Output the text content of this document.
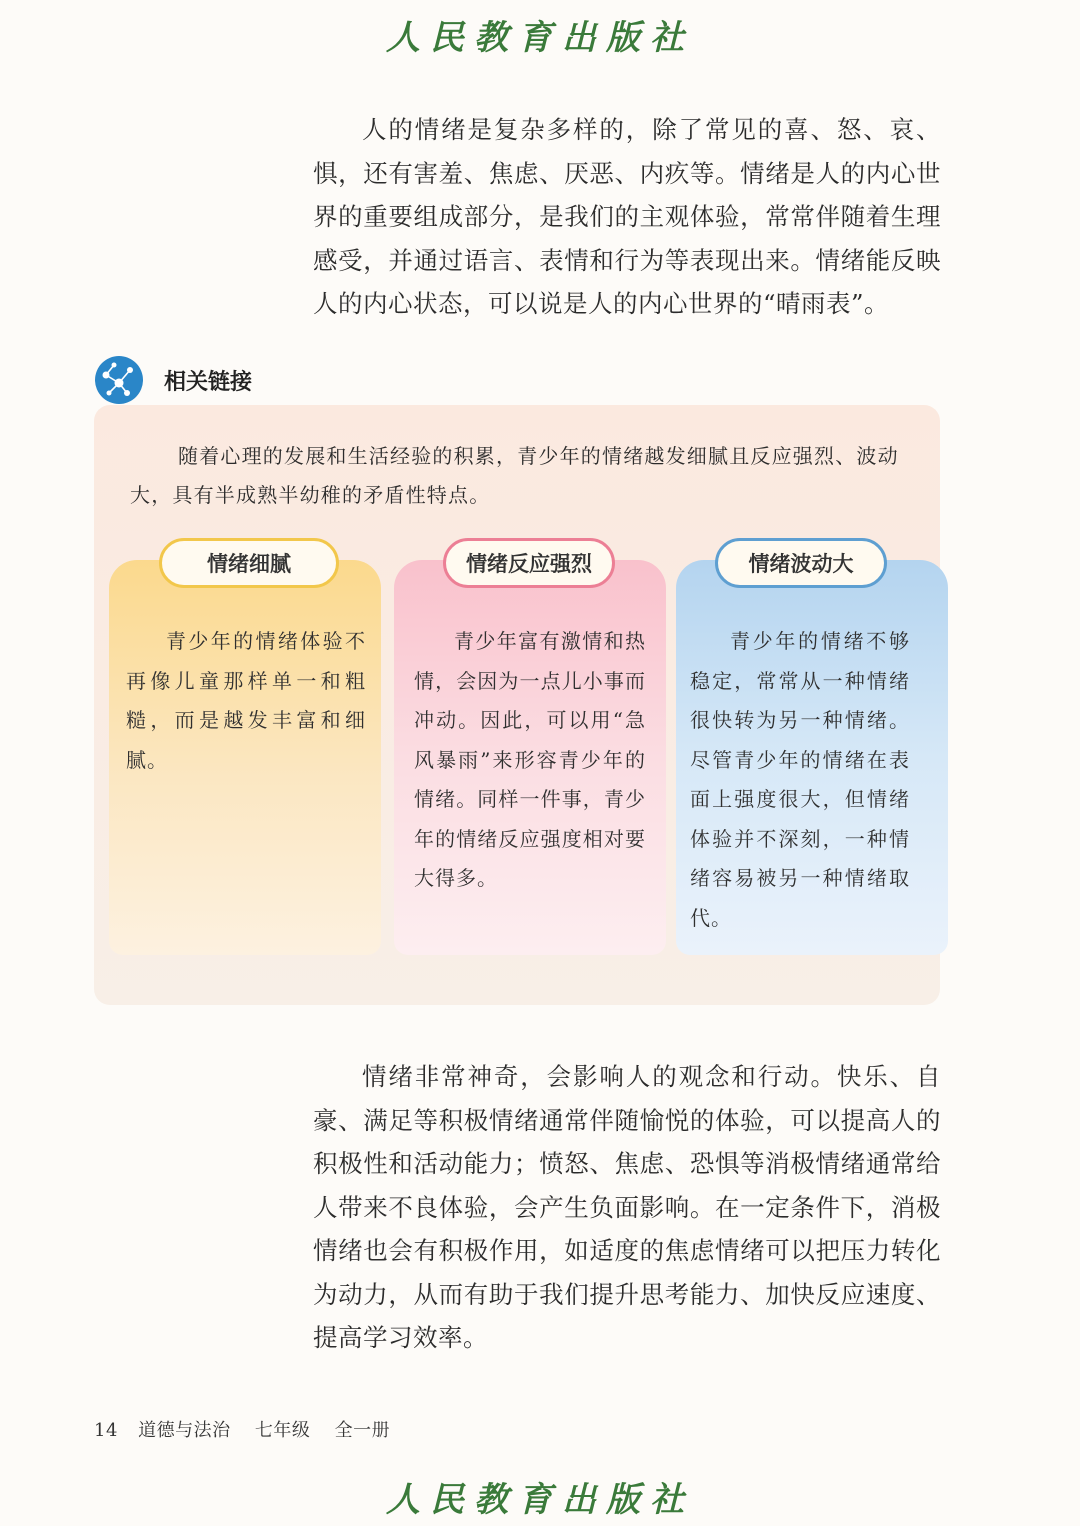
人民教育出版社

人的情绪是复杂多样的，除了常见的喜、怒、哀、惧，还有害羞、焦虑、厌恶、内疚等。情绪是人的内心世界的重要组成部分，是我们的主观体验，常常伴随着生理感受，并通过语言、表情和行为等表现出来。情绪能反映人的内心状态，可以说是人的内心世界的“晴雨表”。

相关链接

随着心理的发展和生活经验的积累，青少年的情绪越发细腻且反应强烈、波动大，具有半成熟半幼稚的矛盾性特点。

情绪细腻	情绪反应强烈	情绪波动大

青少年的情绪体验不再像儿童那样单一和粗糙，而是越发丰富和细腻。

青少年富有激情和热情，会因为一点儿小事而冲动。因此，可以用“急风暴雨”来形容青少年的情绪。同样一件事，青少年的情绪反应强度相对要大得多。

青少年的情绪不够稳定，常常从一种情绪很快转为另一种情绪。尽管青少年的情绪在表面上强度很大，但情绪体验并不深刻，一种情绪容易被另一种情绪取代。

情绪非常神奇，会影响人的观念和行动。快乐、自豪、满足等积极情绪通常伴随愉悦的体验，可以提高人的积极性和活动能力；愤怒、焦虑、恐惧等消极情绪通常给人带来不良体验，会产生负面影响。在一定条件下，消极情绪也会有积极作用，如适度的焦虑情绪可以把压力转化为动力，从而有助于我们提升思考能力、加快反应速度、提高学习效率。

14 道德与法治 七年级 全一册
人民教育出版社
